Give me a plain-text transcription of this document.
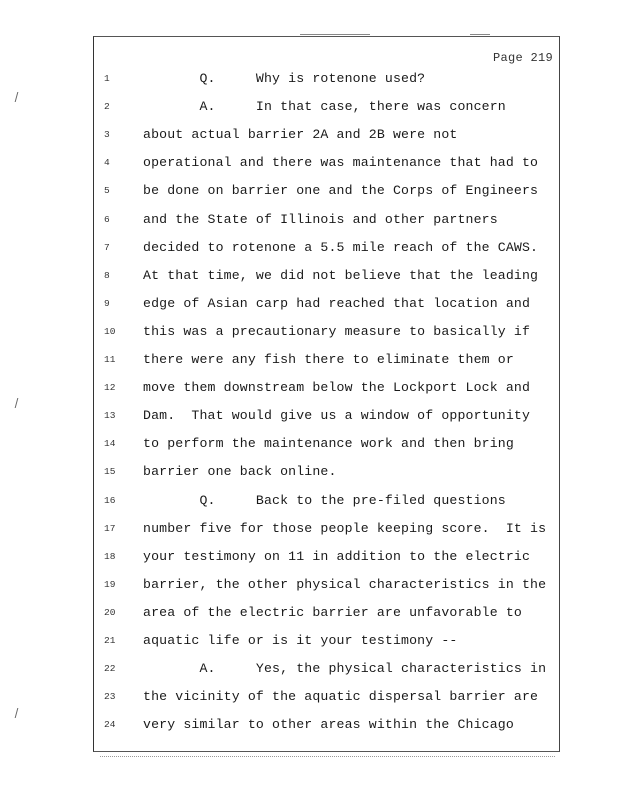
Page 219
1	Q.     Why is rotenone used?
2	A.     In that case, there was concern
3	about actual barrier 2A and 2B were not
4	operational and there was maintenance that had to
5	be done on barrier one and the Corps of Engineers
6	and the State of Illinois and other partners
7	decided to rotenone a 5.5 mile reach of the CAWS.
8	At that time, we did not believe that the leading
9	edge of Asian carp had reached that location and
10	this was a precautionary measure to basically if
11	there were any fish there to eliminate them or
12	move them downstream below the Lockport Lock and
13	Dam.  That would give us a window of opportunity
14	to perform the maintenance work and then bring
15	barrier one back online.
16	Q.     Back to the pre-filed questions
17	number five for those people keeping score.  It is
18	your testimony on 11 in addition to the electric
19	barrier, the other physical characteristics in the
20	area of the electric barrier are unfavorable to
21	aquatic life or is it your testimony --
22	A.     Yes, the physical characteristics in
23	the vicinity of the aquatic dispersal barrier are
24	very similar to other areas within the Chicago
